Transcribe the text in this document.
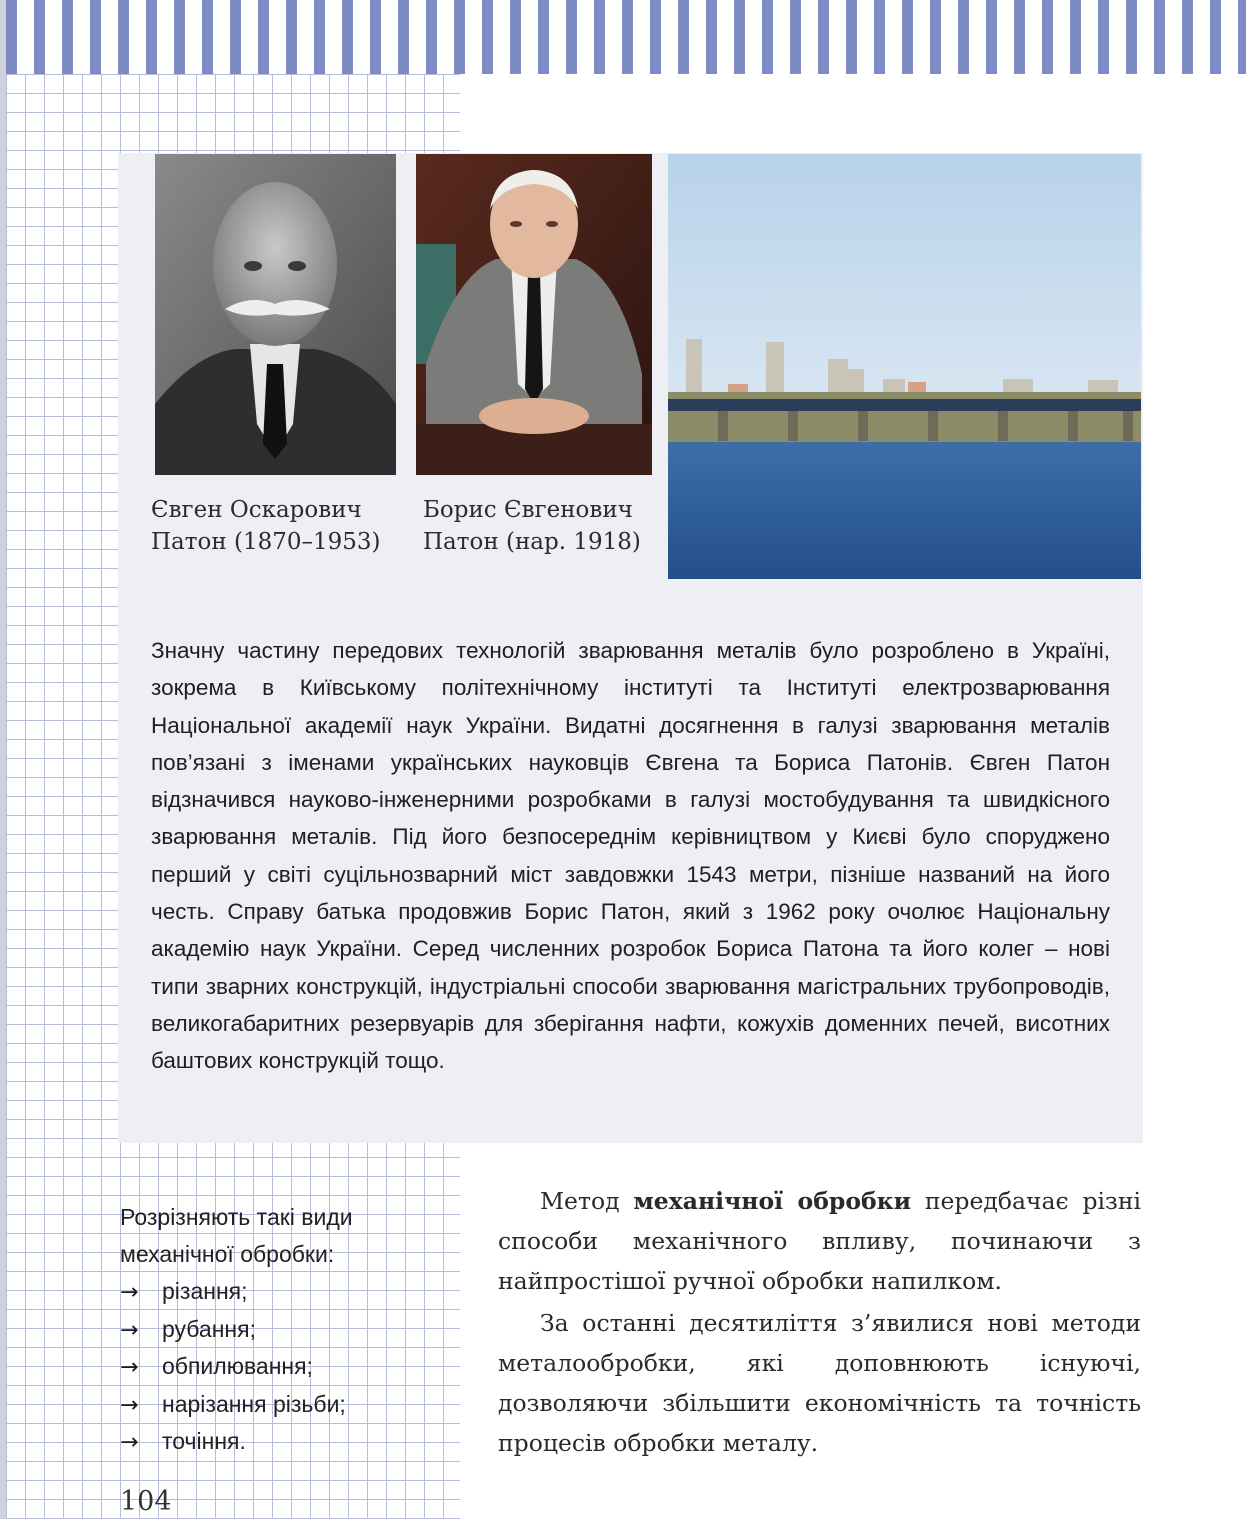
Євген Оскарович
Патон (1870–1953)
Борис Євгенович
Патон (нар. 1918)

Значну частину передових технологій зварювання металів було розроблено в Україні, зокрема в Київському політехнічному інституті та Інституті електрозварювання Національної академії наук України. Видатні досягнення в галузі зварювання металів пов’язані з іменами українських науковців Євгена та Бориса Патонів. Євген Патон відзначився науково-інженерними розробками в галузі мостобудування та швидкісного зварювання металів. Під його безпосереднім керівництвом у Києві було споруджено перший у світі суцільнозварний міст завдовжки 1543 метри, пізніше названий на його честь. Справу батька продовжив Борис Патон, який з 1962 року очолює Національну академію наук України. Серед численних розробок Бориса Патона та його колег – нові типи зварних конструкцій, індустріальні способи зварювання магістральних трубопроводів, великогабаритних резервуарів для зберігання нафти, кожухів доменних печей, висотних баштових конструкцій тощо.

Розрізняють такі види механічної обробки:
→ різання;
→ рубання;
→ обпилювання;
→ нарізання різьби;
→ точіння.

Метод механічної обробки передбачає різні способи механічного впливу, починаючи з найпростішої ручної обробки напилком.

За останні десятиліття з’явилися нові методи металообробки, які доповнюють існуючі, дозволяючи збільшити економічність та точність процесів обробки металу.

104
